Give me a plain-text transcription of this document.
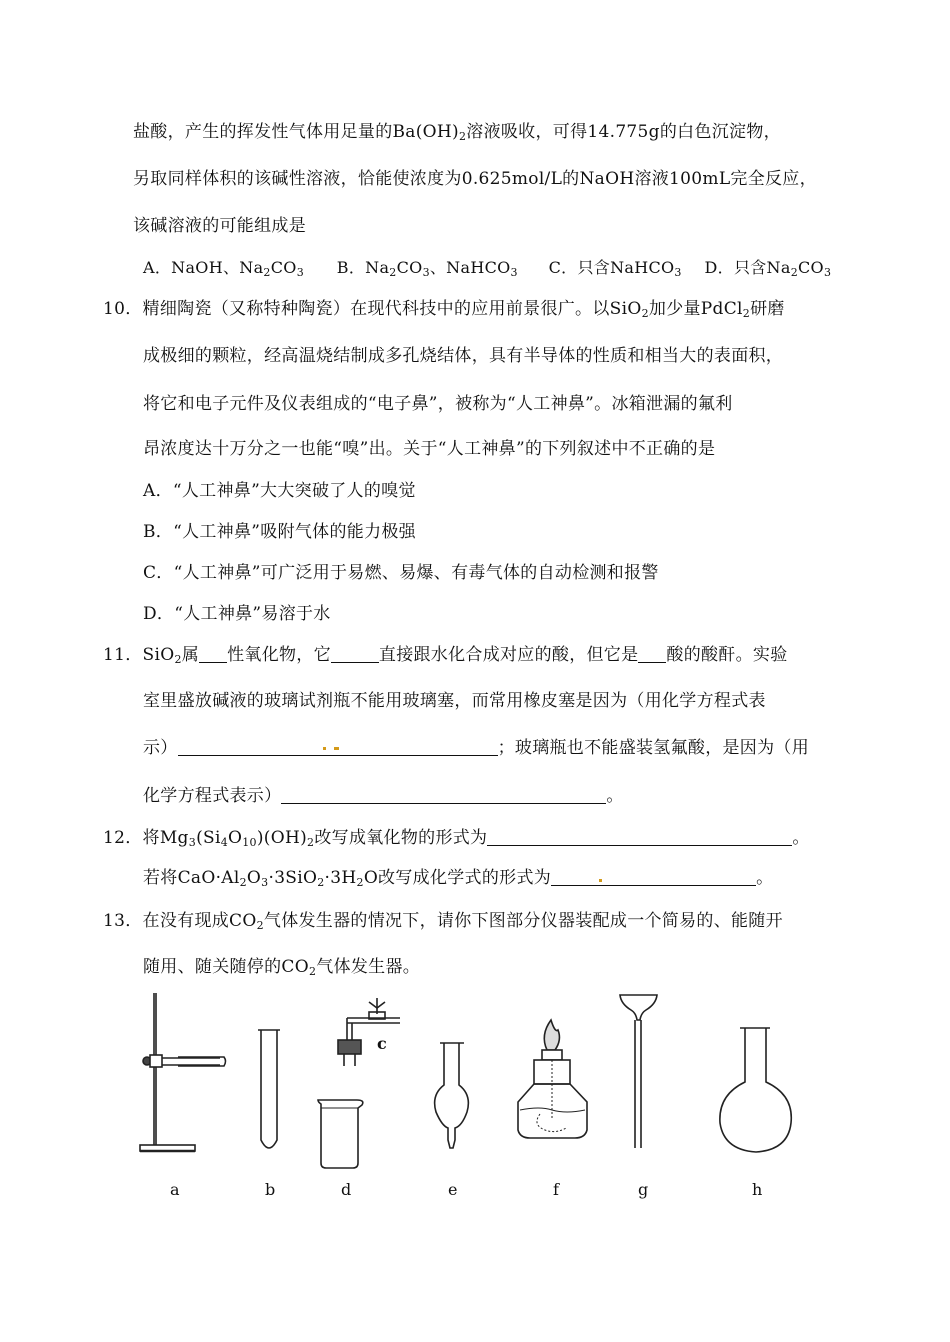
盐酸，产生的挥发性气体用足量的$Ba(OH)_2$溶液吸收，可得14.775g的白色沉淀物，
另取同样体积的该碱性溶液，恰能使浓度为0.625mol/L的NaOH溶液100mL完全反应，
该碱溶液的可能组成是
A．NaOH、$Na_2CO_3$ B．$Na_2CO_3$、NaHCO$_3$ C．只含NaHCO$_3$ D．只含$Na_2CO_3$
10．精细陶瓷（又称特种陶瓷）在现代科技中的应用前景很广。以SiO$_2$加少量PdCl$_2$研磨
成极细的颗粒，经高温烧结制成多孔烧结体，具有半导体的性质和相当大的表面积，
将它和电子元件及仪表组成的“电子鼻”，被称为“人工神鼻”。冰箱泄漏的氟利
昂浓度达十万分之一也能“嗅”出。关于“人工神鼻”的下列叙述中不正确的是
A．“人工神鼻”大大突破了人的嗅觉
B．“人工神鼻”吸附气体的能力极强
C．“人工神鼻”可广泛用于易燃、易爆、有毒气体的自动检测和报警
D．“人工神鼻”易溶于水
11．SiO$_2$属 性氧化物，它	直接跟水化合成对应的酸，但它是 酸的酸酐。实验
室里盛放碱液的玻璃试剂瓶不能用玻璃塞，而常用橡皮塞是因为（用化学方程式表
示）	；玻璃瓶也不能盛装氢氟酸，是因为（用
化学方程式表示）	。
12．将$Mg_3(Si_4O_{10})(OH)_2$改写成氧化物的形式为	。
若将$CaO\cdot Al_2O_3\cdot 3SiO_2\cdot 3H_2O$改写成化学式的形式为	。
13．在没有现成$CO_2$气体发生器的情况下，请你下图部分仪器装配成一个简易的、能随开
随用、随关随停的$CO_2$气体发生器。
c
a	b	d	e	f	g	h
